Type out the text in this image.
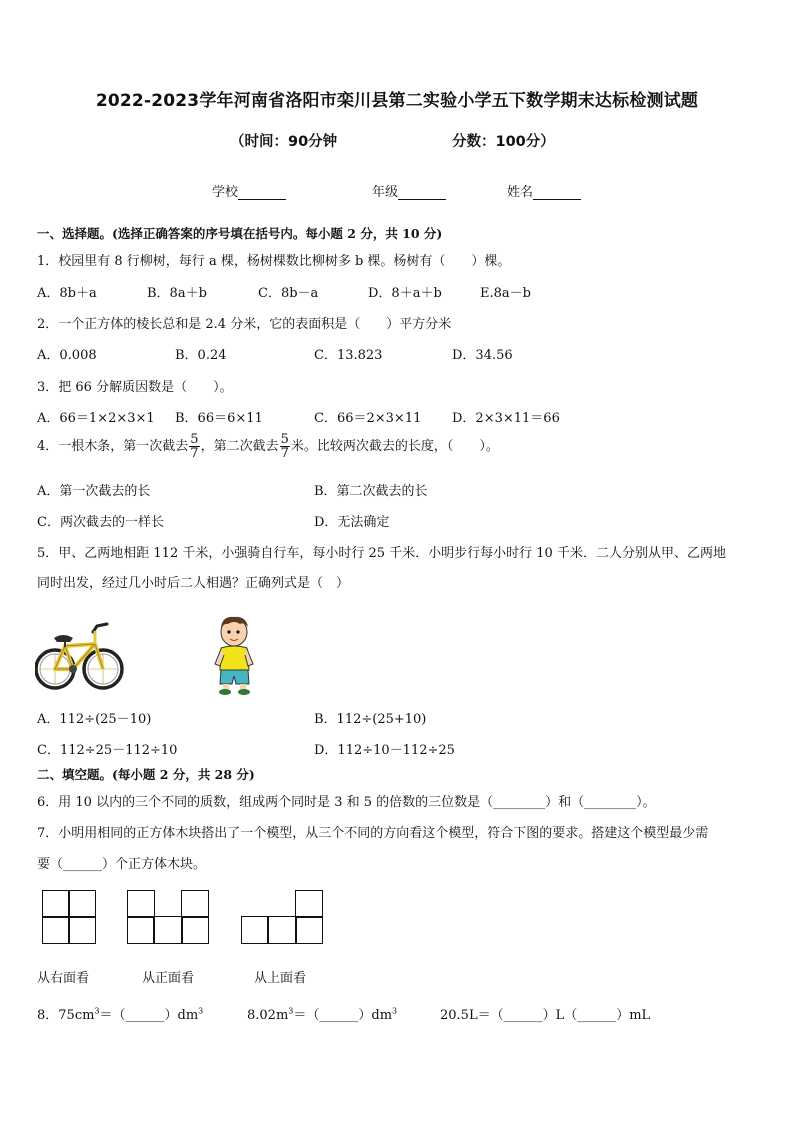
2022-2023学年河南省洛阳市栾川县第二实验小学五下数学期末达标检测试题
（时间：90分钟	分数：100分）
学校	年级	姓名
一、选择题。(选择正确答案的序号填在括号内。每小题 2 分，共 10 分)
1．校园里有 8 行柳树，每行 a 棵，杨树棵数比柳树多 b 棵。杨树有（　　）棵。
A．8b＋a	B．8a＋b	C．8b－a	D．8＋a＋b	E.8a－b
2．一个正方体的棱长总和是 2.4 分米，它的表面积是（　　）平方分米
A．0.008	B．0.24	C．13.823	D．34.56
3．把 66 分解质因数是（　　）。
A．66＝1×2×3×1 B．66＝6×11	C．66＝2×3×11 D．2×3×11＝66
4．一根木条，第一次截去 $\frac{5}{7}$ ，第二次截去 $\frac{5}{7}$ 米。比较两次截去的长度，（　　）。
A．第一次截去的长	B．第二次截去的长
C．两次截去的一样长	D．无法确定
5．甲、乙两地相距 112 千米，小强骑自行车，每小时行 25 千米．小明步行每小时行 10 千米．二人分别从甲、乙两地
同时出发，经过几小时后二人相遇？正确列式是（　）
A．112÷(25－10)	B．112÷(25+10)
C．112÷25－112÷10	D．112÷10－112÷25
二、填空题。(每小题 2 分，共 28 分)
6．用 10 以内的三个不同的质数，组成两个同时是 3 和 5 的倍数的三位数是（________）和（________）。
7．小明用相同的正方体木块搭出了一个模型，从三个不同的方向看这个模型，符合下图的要求。搭建这个模型最少需
要（______）个正方体木块。
从右面看	从正面看	从上面看
8．$75cm^3=(\_\_\_\_\_\_)dm^3$	$8.02m^3=(\_\_\_\_\_\_)dm^3$	20.5L＝（______）L（______）mL
